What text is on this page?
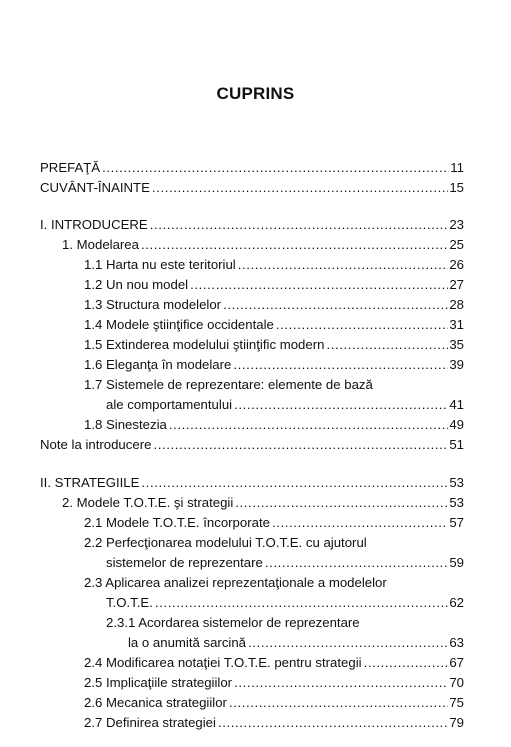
CUPRINS
PREFAŢĂ .....	11
CUVÂNT-ÎNAINTE .....	15
I. INTRODUCERE .....	23
1. Modelarea .....	25
1.1 Harta nu este teritoriul .....	26
1.2 Un nou model .....	27
1.3 Structura modelelor .....	28
1.4 Modele ştiinţifice occidentale .....	31
1.5 Extinderea modelului ştiinţific modern .....	35
1.6 Eleganţa în modelare .....	39
1.7 Sistemele de reprezentare: elemente de bază
ale comportamentului .....	41
1.8 Sinestezia .....	49
Note la introducere .....	51
II. STRATEGIILE .....	53
2. Modele T.O.T.E. şi strategii .....	53
2.1 Modele T.O.T.E. încorporate .....	57
2.2 Perfecţionarea modelului T.O.T.E. cu ajutorul
sistemelor de reprezentare .....	59
2.3 Aplicarea analizei reprezentaţionale a modelelor
T.O.T.E. .....	62
2.3.1 Acordarea sistemelor de reprezentare
la o anumită sarcină .....	63
2.4 Modificarea notaţiei T.O.T.E. pentru strategii .....	67
2.5 Implicaţiile strategiilor .....	70
2.6 Mecanica strategiilor .....	75
2.7 Definirea strategiei .....	79
